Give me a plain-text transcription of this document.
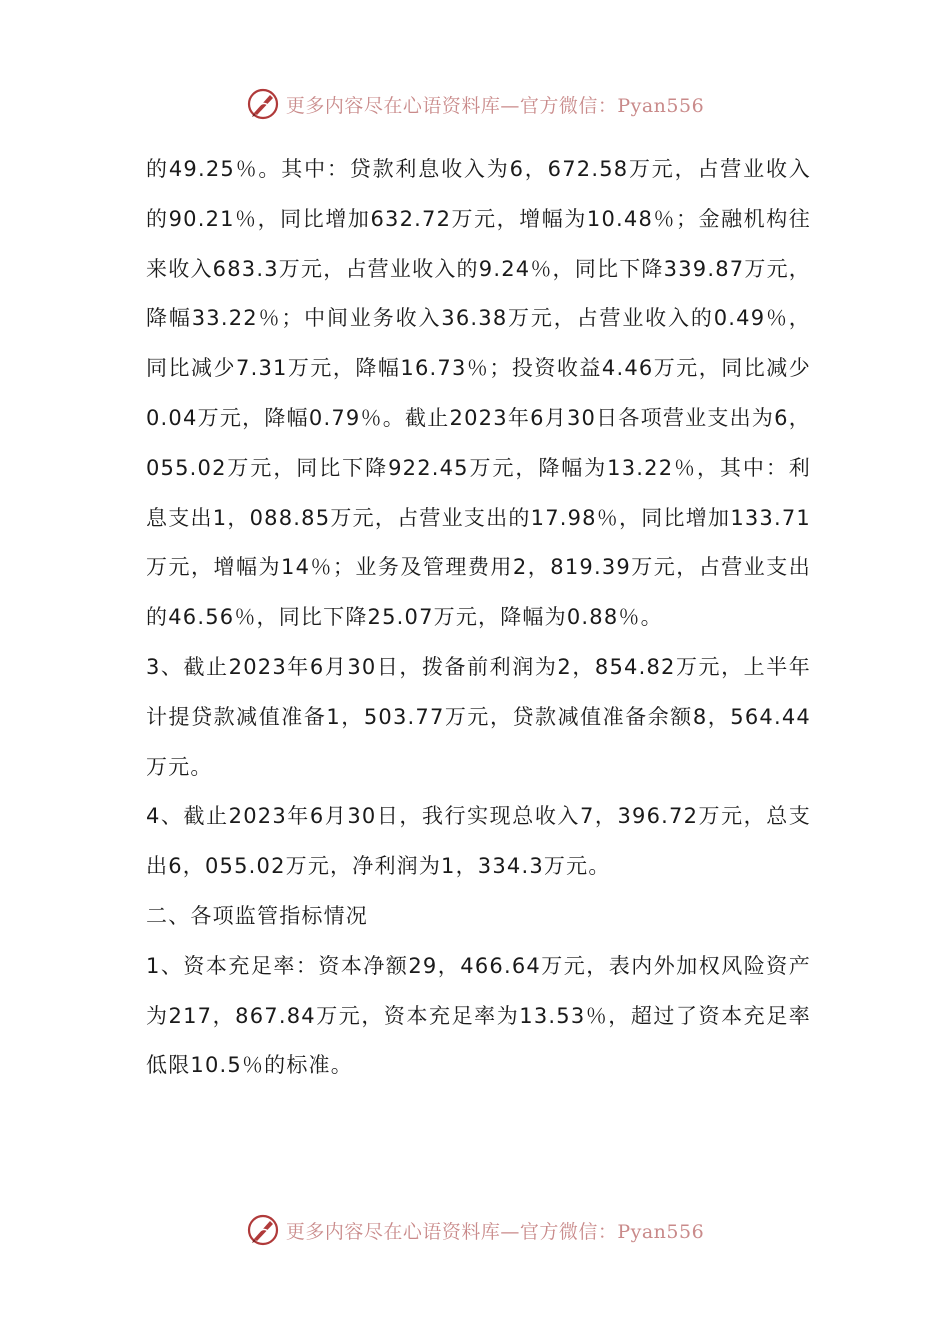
更多内容尽在心语资料库—官方微信：Pyan556

的49.25％。其中：贷款利息收入为6，672.58万元，占营业收入的90.21％，同比增加632.72万元，增幅为10.48％；金融机构往来收入683.3万元，占营业收入的9.24％，同比下降339.87万元，降幅33.22％；中间业务收入36.38万元，占营业收入的0.49％，同比减少7.31万元，降幅16.73％；投资收益4.46万元，同比减少0.04万元，降幅0.79％。截止2023年6月30日各项营业支出为6，055.02万元，同比下降922.45万元，降幅为13.22％，其中：利息支出1，088.85万元，占营业支出的17.98％，同比增加133.71万元，增幅为14％；业务及管理费用2，819.39万元，占营业支出的46.56％，同比下降25.07万元，降幅为0.88％。

3、截止2023年6月30日，拨备前利润为2，854.82万元，上半年计提贷款减值准备1，503.77万元，贷款减值准备余额8，564.44万元。

4、截止2023年6月30日，我行实现总收入7，396.72万元，总支出6，055.02万元，净利润为1，334.3万元。

二、各项监管指标情况

1、资本充足率：资本净额29，466.64万元，表内外加权风险资产为217，867.84万元，资本充足率为13.53％，超过了资本充足率低限10.5％的标准。

更多内容尽在心语资料库—官方微信：Pyan556
